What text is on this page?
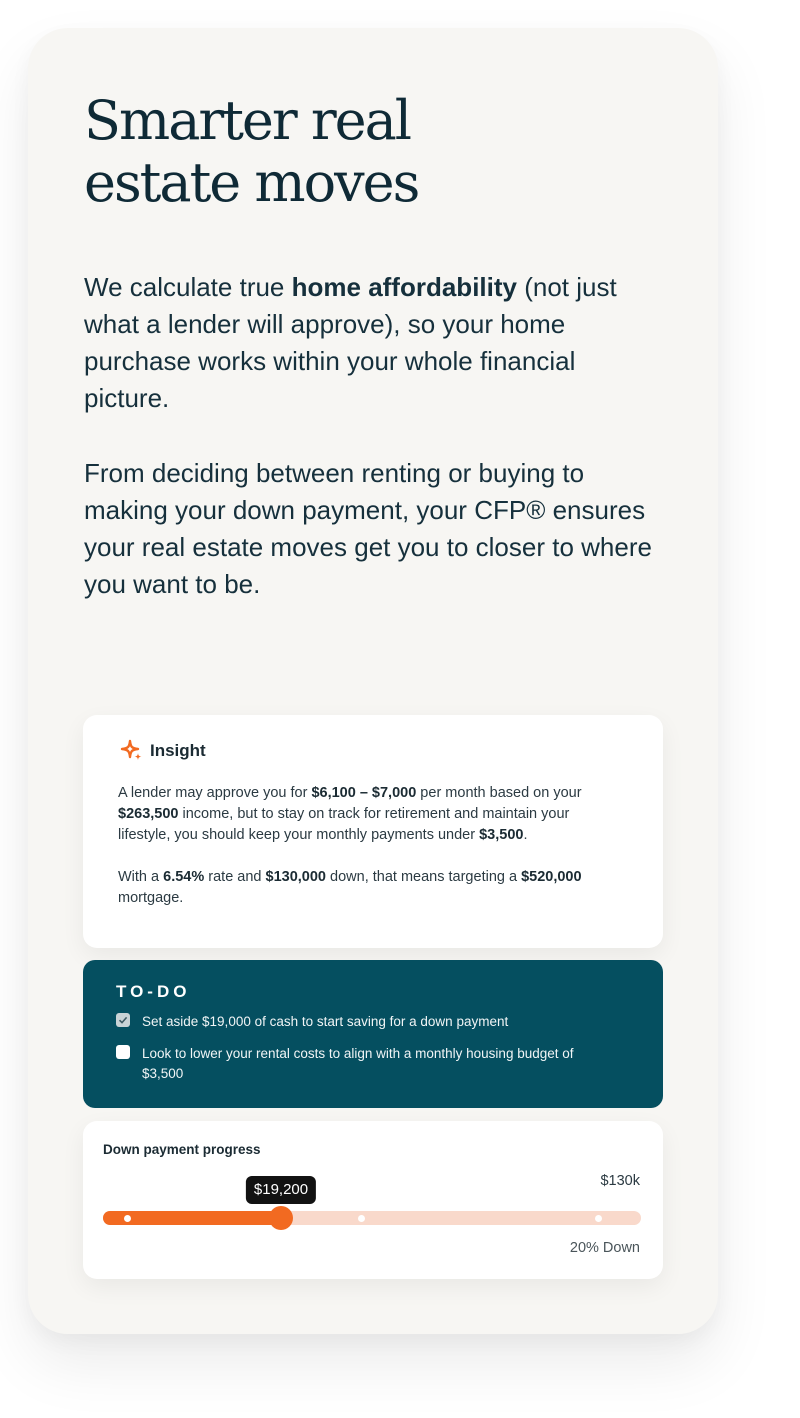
Smarter real
estate moves

We calculate true home affordability (not just what a lender will approve), so your home purchase works within your whole financial picture.

From deciding between renting or buying to making your down payment, your CFP® ensures your real estate moves get you to closer to where you want to be.

Insight

A lender may approve you for $6,100 – $7,000 per month based on your $263,500 income, but to stay on track for retirement and maintain your lifestyle, you should keep your monthly payments under $3,500.

With a 6.54% rate and $130,000 down, that means targeting a $520,000 mortgage.

TO-DO
Set aside $19,000 of cash to start saving for a down payment
Look to lower your rental costs to align with a monthly housing budget of $3,500
Down payment progress
$130k
$19,200
20% Down
